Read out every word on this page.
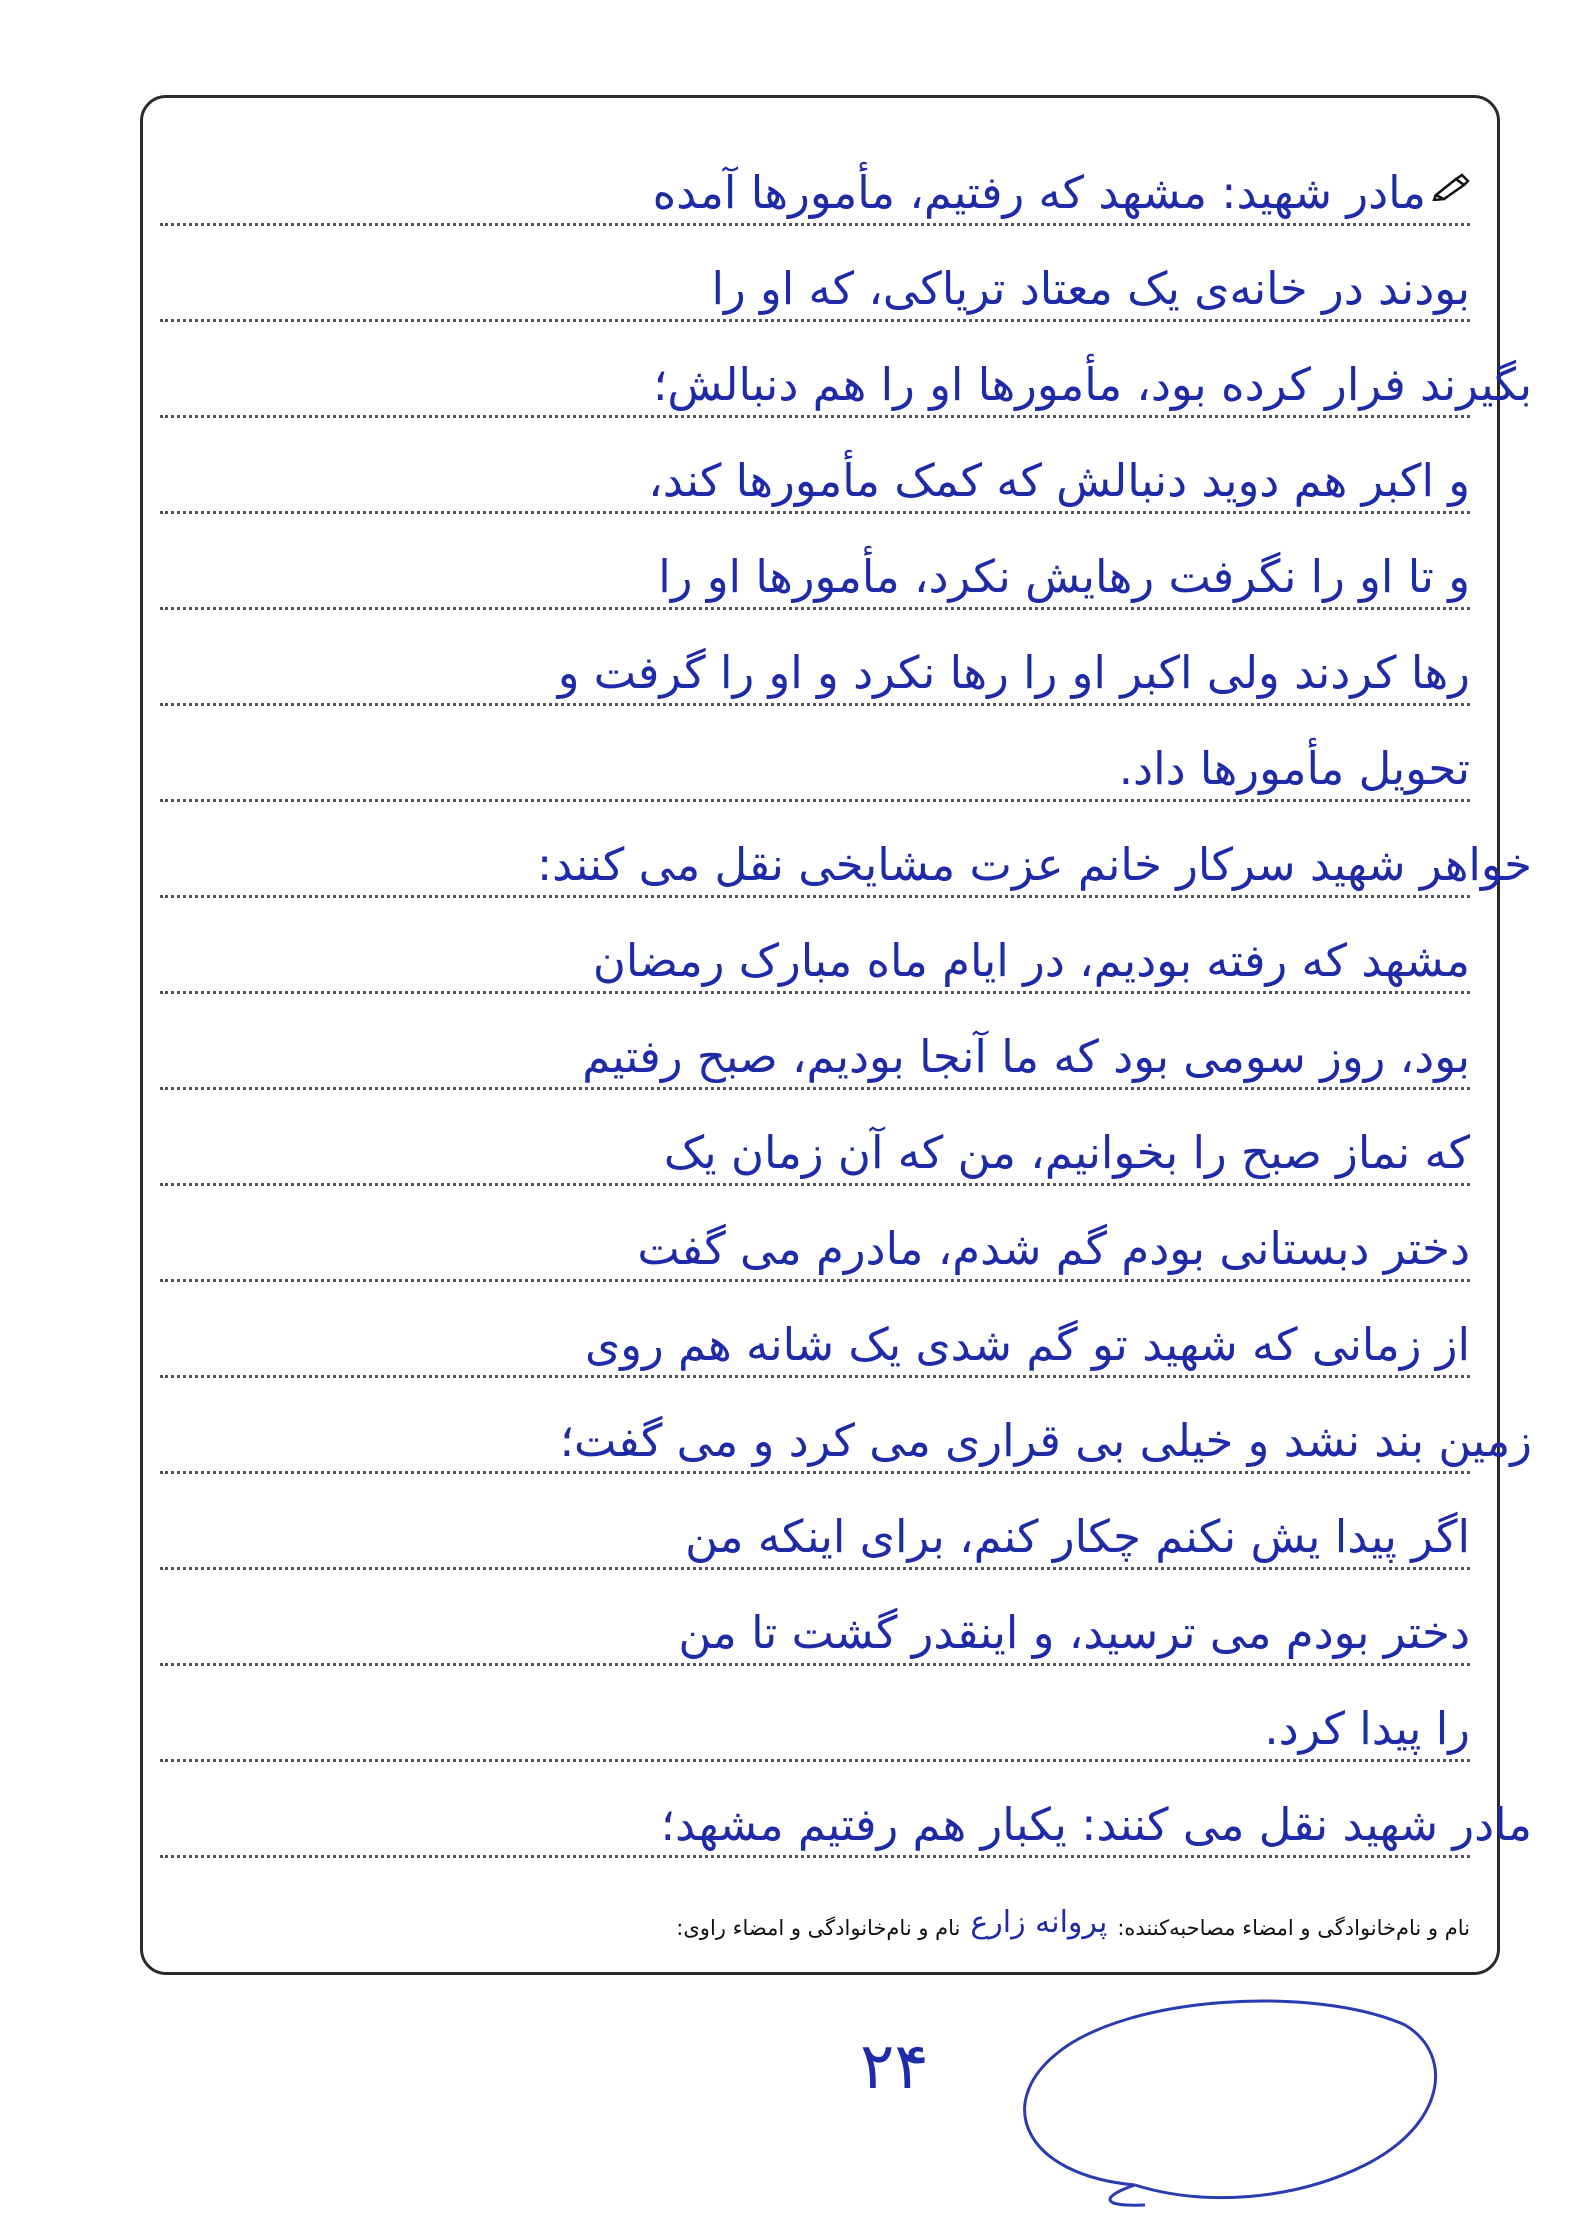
مادر شهید: مشهد که رفتیم، مأمورها آمده
بودند در خانه‌ی یک معتاد تریاکی، که او را
بگیرند فرار کرده بود، مأمورها او را هم دنبالش؛
و اکبر هم دوید دنبالش که کمک مأمورها کند،
و تا او را نگرفت رهایش نکرد، مأمورها او را
رها کردند ولی اکبر او را رها نکرد و او را گرفت و
تحویل مأمورها داد.
خواهر شهید سرکار خانم عزت مشایخی نقل می کنند:
مشهد که رفته بودیم، در ایام ماه مبارک رمضان
بود، روز سومی بود که ما آنجا بودیم، صبح رفتیم
که نماز صبح را بخوانیم، من که آن زمان یک
دختر دبستانی بودم گم شدم، مادرم می گفت
از زمانی که شهید تو گم شدی یک شانه هم روی
زمین بند نشد و خیلی بی قراری می کرد و می گفت؛
اگر پیدا یش نکنم چکار کنم، برای اینکه من
دختر بودم می ترسید، و اینقدر گشت تا من
را پیدا کرد.
مادر شهید نقل می کنند: یکبار هم رفتیم مشهد؛
نام و نام‌خانوادگی و امضاء مصاحبه‌کننده:
پروانه زارع
نام و نام‌خانوادگی و امضاء راوی:
۲۴
